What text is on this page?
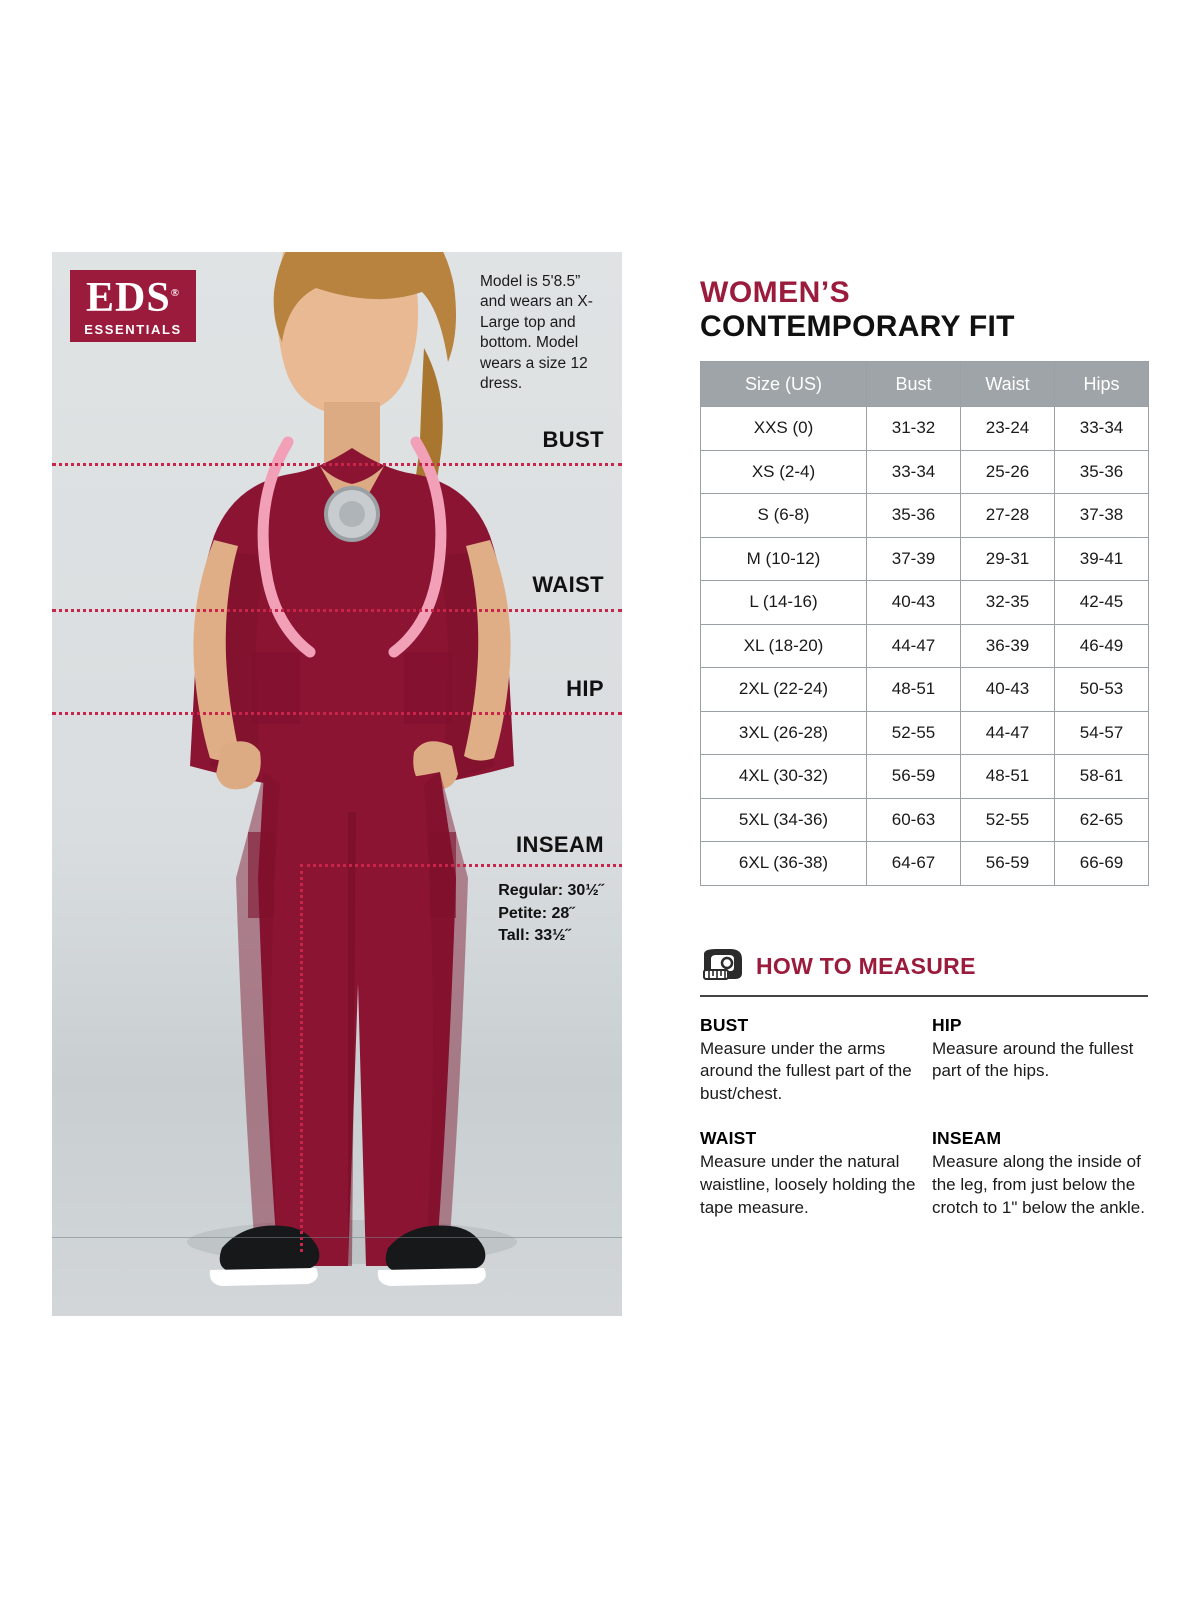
EDS®
ESSENTIALS
Model is 5'8.5” and wears an X-Large top and bottom. Model wears a size 12 dress.
BUST
WAIST
HIP
INSEAM
Regular: 30½˝
Petite: 28˝
Tall: 33½˝
WOMEN’S
CONTEMPORARY FIT
Size (US)	Bust	Waist	Hips
XXS (0)	31-32	23-24	33-34
XS (2-4)	33-34	25-26	35-36
S (6-8)	35-36	27-28	37-38
M (10-12)	37-39	29-31	39-41
L (14-16)	40-43	32-35	42-45
XL (18-20)	44-47	36-39	46-49
2XL (22-24)	48-51	40-43	50-53
3XL (26-28)	52-55	44-47	54-57
4XL (30-32)	56-59	48-51	58-61
5XL (34-36)	60-63	52-55	62-65
6XL (36-38)	64-67	56-59	66-69
HOW TO MEASURE
BUST

Measure under the arms around the fullest part of the bust/chest.

HIP

Measure around the fullest part of the hips.

WAIST

Measure under the natural waistline, loosely holding the tape measure.

INSEAM

Measure along the inside of the leg, from just below the crotch to 1" below the ankle.
